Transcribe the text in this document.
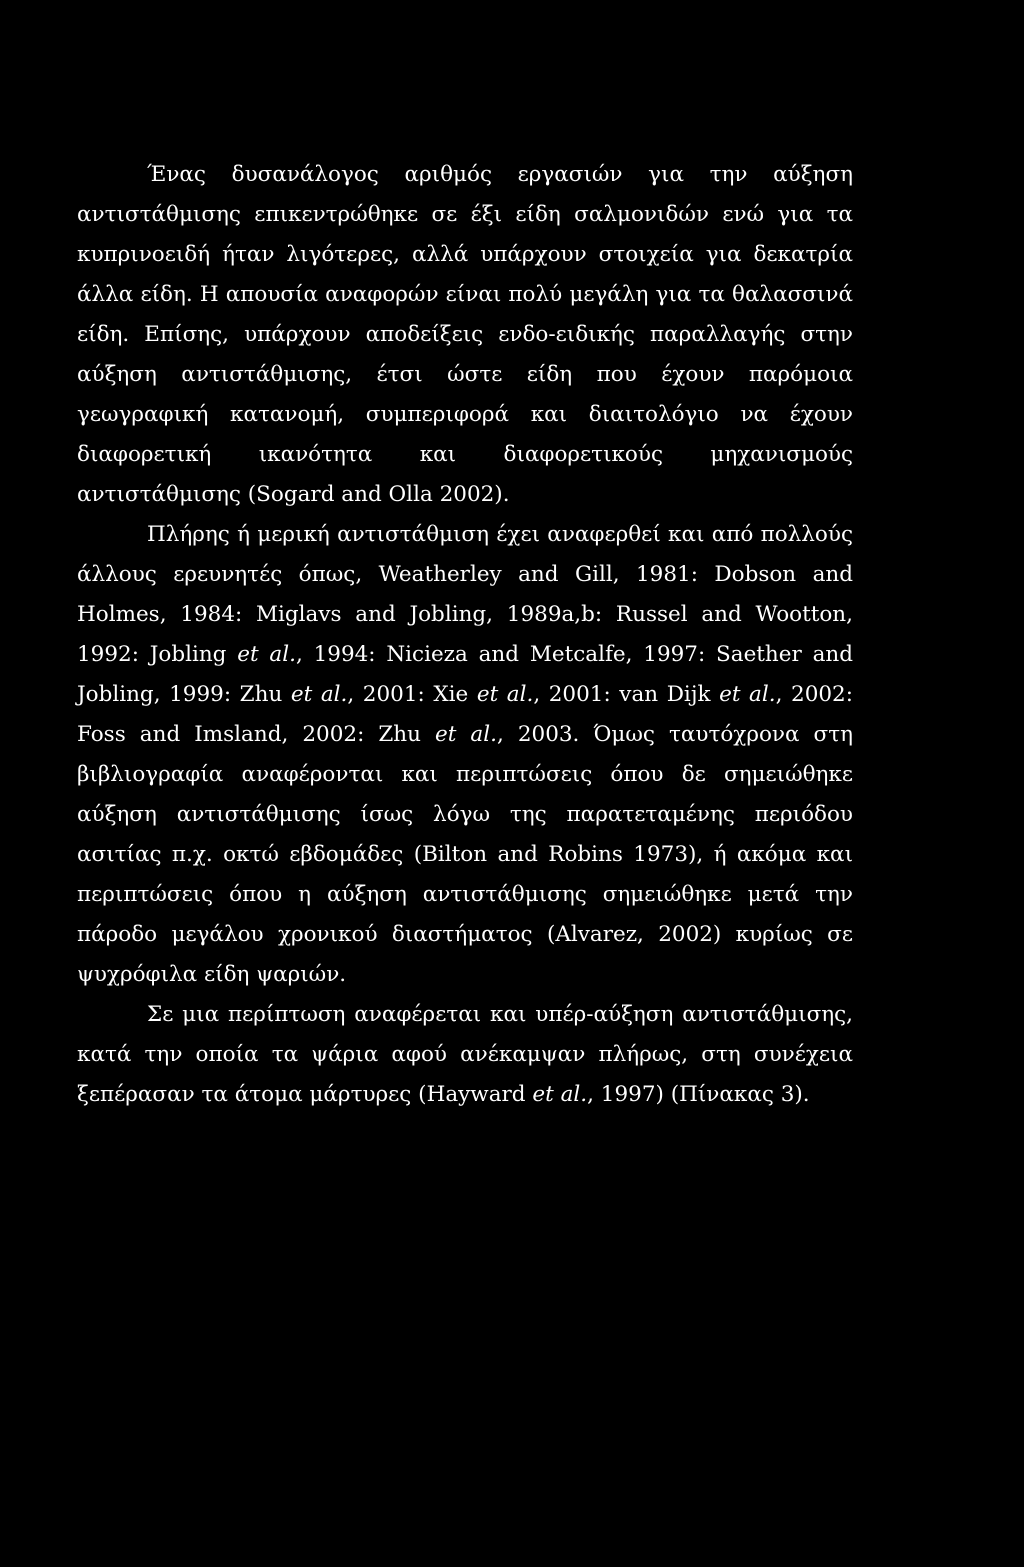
Ένας δυσανάλογος αριθμός εργασιών για την αύξηση αντιστάθμισης επικεντρώθηκε σε έξι είδη σαλμονιδών ενώ για τα κυπρινοειδή ήταν λιγότερες, αλλά υπάρχουν στοιχεία για δεκατρία άλλα είδη. Η απουσία αναφορών είναι πολύ μεγάλη για τα θαλασσινά είδη. Επίσης, υπάρχουν αποδείξεις ενδο-ειδικής παραλλαγής στην αύξηση αντιστάθμισης, έτσι ώστε είδη που έχουν παρόμοια γεωγραφική κατανομή, συμπεριφορά και διαιτολόγιο να έχουν διαφορετική ικανότητα και διαφορετικούς μηχανισμούς αντιστάθμισης (Sogard and Olla 2002).

Πλήρης ή μερική αντιστάθμιση έχει αναφερθεί και από πολλούς άλλους ερευνητές όπως, Weatherley and Gill, 1981: Dobson and Holmes, 1984: Miglavs and Jobling, 1989a,b: Russel and Wootton, 1992: Jobling et al., 1994: Nicieza and Metcalfe, 1997: Saether and Jobling, 1999: Zhu et al., 2001: Xie et al., 2001: van Dijk et al., 2002: Foss and Imsland, 2002: Zhu et al., 2003. Όμως ταυτόχρονα στη βιβλιογραφία αναφέρονται και περιπτώσεις όπου δε σημειώθηκε αύξηση αντιστάθμισης ίσως λόγω της παρατεταμένης περιόδου ασιτίας π.χ. οκτώ εβδομάδες (Bilton and Robins 1973), ή ακόμα και περιπτώσεις όπου η αύξηση αντιστάθμισης σημειώθηκε μετά την πάροδο μεγάλου χρονικού διαστήματος (Alvarez, 2002) κυρίως σε ψυχρόφιλα είδη ψαριών.

Σε μια περίπτωση αναφέρεται και υπέρ-αύξηση αντιστάθμισης, κατά την οποία τα ψάρια αφού ανέκαμψαν πλήρως, στη συνέχεια ξεπέρασαν τα άτομα μάρτυρες (Hayward et al., 1997) (Πίνακας 3).
